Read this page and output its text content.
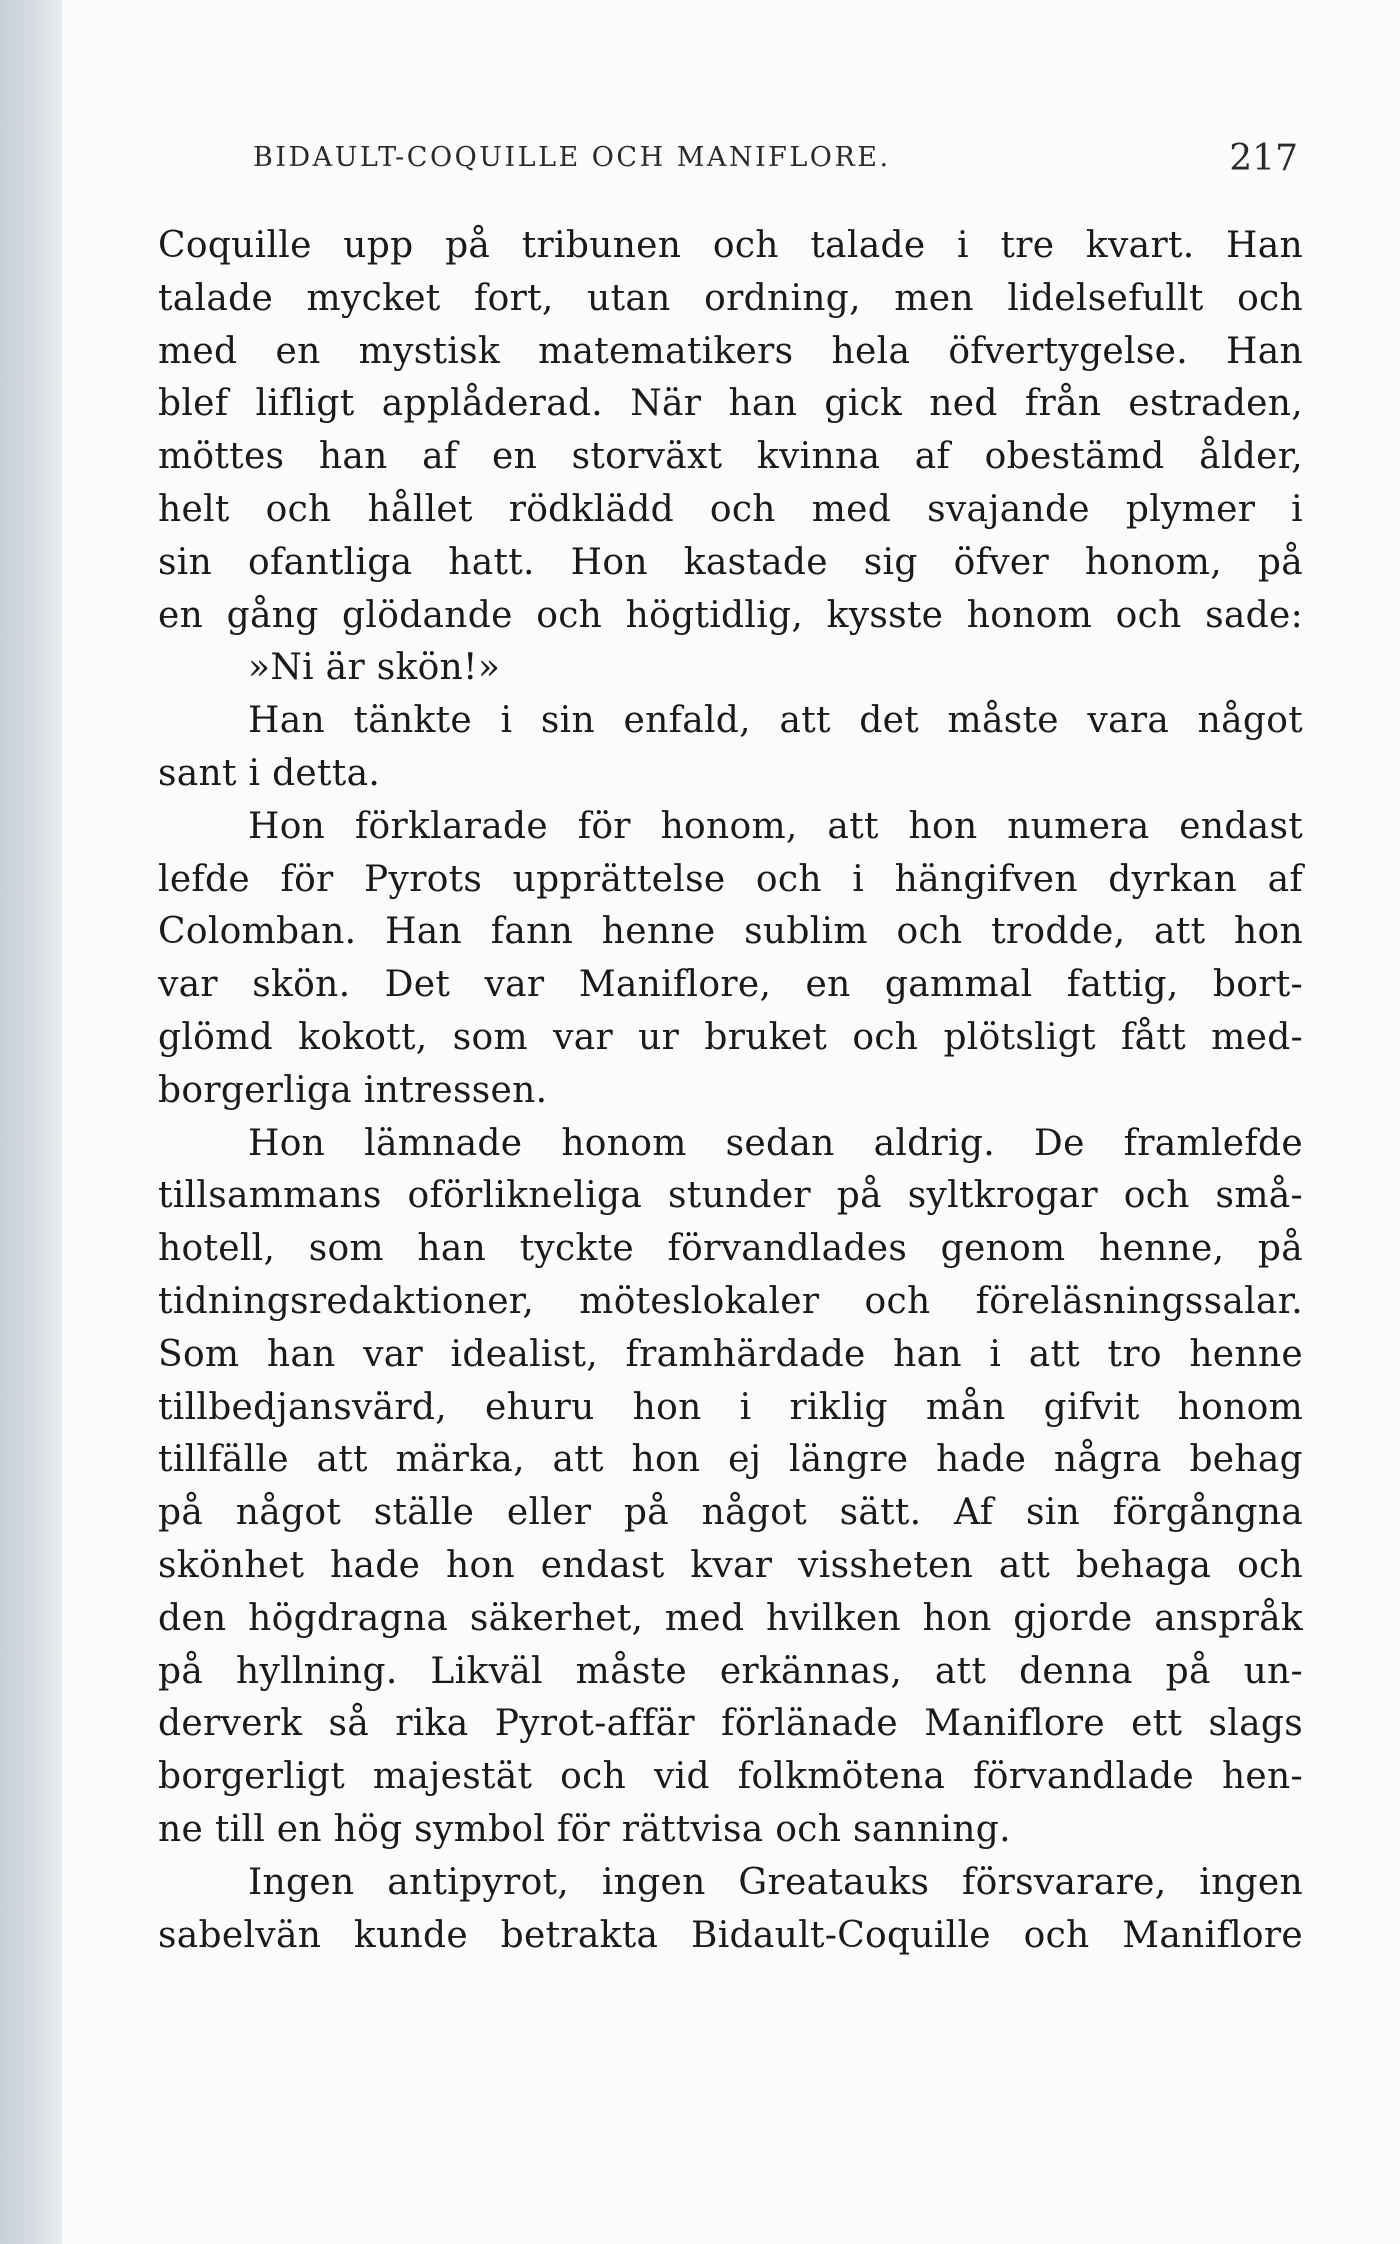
BIDAULT-COQUILLE OCH MANIFLORE.	217
Coquille upp på tribunen och talade i tre kvart. Han
talade mycket fort, utan ordning, men lidelsefullt och
med en mystisk matematikers hela öfvertygelse. Han
blef lifligt applåderad. När han gick ned från estraden,
möttes han af en storväxt kvinna af obestämd ålder,
helt och hållet rödklädd och med svajande plymer i
sin ofantliga hatt. Hon kastade sig öfver honom, på
en gång glödande och högtidlig, kysste honom och sade:
»Ni är skön!»
Han tänkte i sin enfald, att det måste vara något
sant i detta.
Hon förklarade för honom, att hon numera endast
lefde för Pyrots upprättelse och i hängifven dyrkan af
Colomban. Han fann henne sublim och trodde, att hon
var skön. Det var Maniflore, en gammal fattig, bort-
glömd kokott, som var ur bruket och plötsligt fått med-
borgerliga intressen.
Hon lämnade honom sedan aldrig. De framlefde
tillsammans oförlikneliga stunder på syltkrogar och små-
hotell, som han tyckte förvandlades genom henne, på
tidningsredaktioner, möteslokaler och föreläsningssalar.
Som han var idealist, framhärdade han i att tro henne
tillbedjansvärd, ehuru hon i riklig mån gifvit honom
tillfälle att märka, att hon ej längre hade några behag
på något ställe eller på något sätt. Af sin förgångna
skönhet hade hon endast kvar vissheten att behaga och
den högdragna säkerhet, med hvilken hon gjorde anspråk
på hyllning. Likväl måste erkännas, att denna på un-
derverk så rika Pyrot-affär förlänade Maniflore ett slags
borgerligt majestät och vid folkmötena förvandlade hen-
ne till en hög symbol för rättvisa och sanning.
Ingen antipyrot, ingen Greatauks försvarare, ingen
sabelvän kunde betrakta Bidault-Coquille och Maniflore
